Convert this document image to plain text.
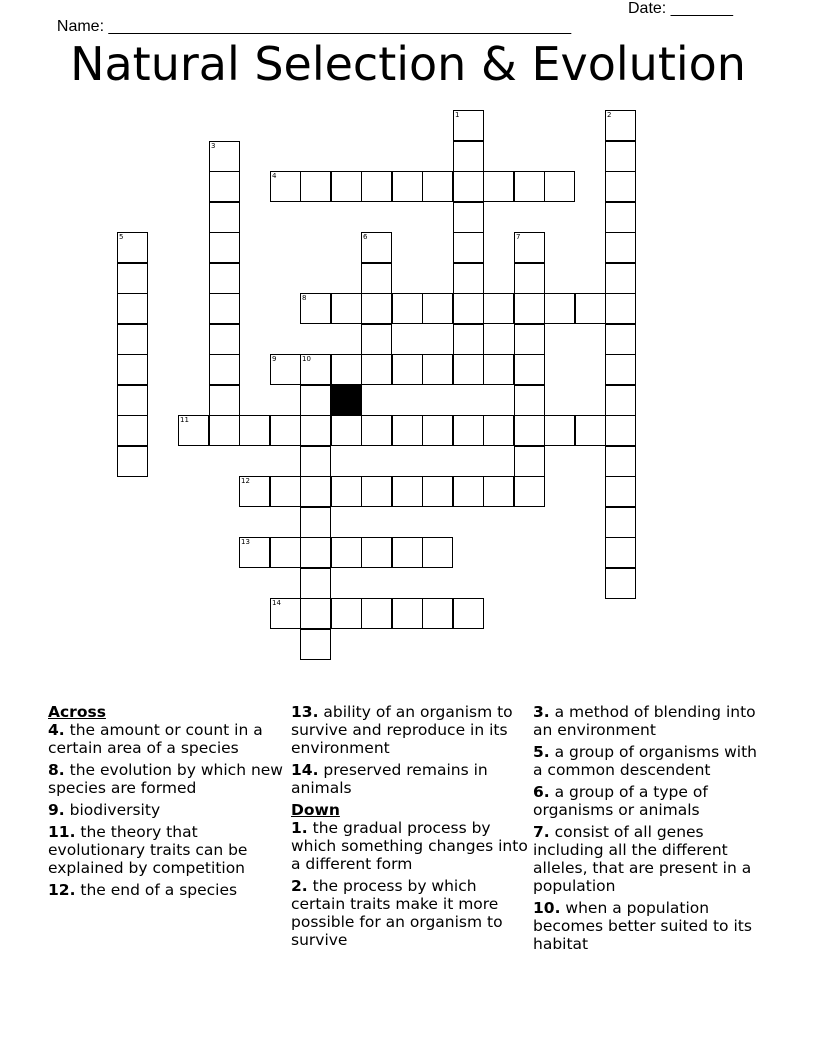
Name: ____________________________________________________

Date: _______

Natural Selection & Evolution
1	2
3
4
5	6	7
8
9	10
11
12
13
14
Across
4. the amount or count in a certain area of a species
8. the evolution by which new species are formed
9. biodiversity
11. the theory that evolutionary traits can be explained by competition
12. the end of a species
13. ability of an organism to survive and reproduce in its environment
14. preserved remains in animals
Down
1. the gradual process by which something changes into a different form
2. the process by which certain traits make it more possible for an organism to survive
3. a method of blending into an environment
5. a group of organisms with a common descendent
6. a group of a type of organisms or animals
7. consist of all genes including all the different alleles, that are present in a population
10. when a population becomes better suited to its habitat
